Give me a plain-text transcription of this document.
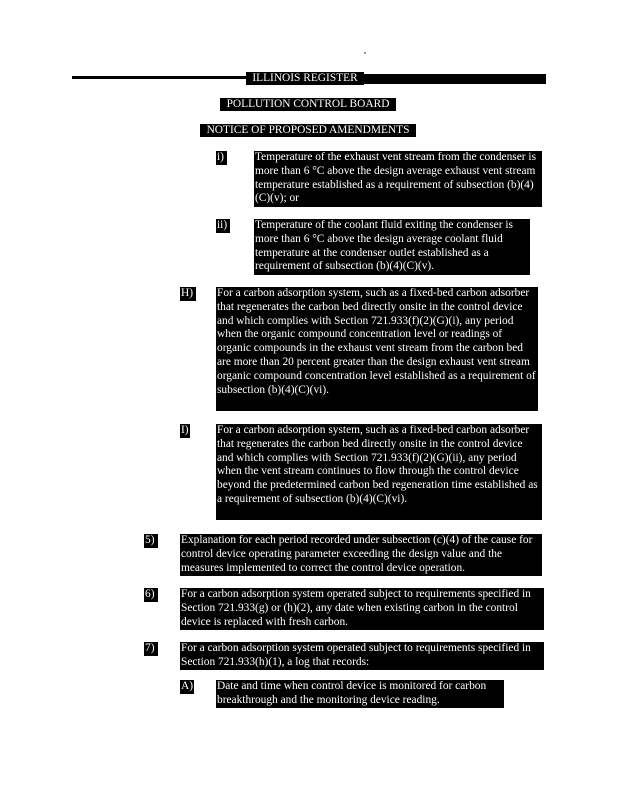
ILLINOIS REGISTER
POLLUTION CONTROL BOARD
NOTICE OF PROPOSED AMENDMENTS
i)	Temperature of the exhaust vent stream from the condenser is more than 6 °C above the design average exhaust vent stream temperature established as a requirement of subsection (b)(4)(C)(v); or
ii) Temperature of the coolant fluid exiting the condenser is more than 6 °C above the design average coolant fluid temperature at the condenser outlet established as a requirement of subsection (b)(4)(C)(v).
H) For a carbon adsorption system, such as a fixed-bed carbon adsorber that regenerates the carbon bed directly onsite in the control device and which complies with Section 721.933(f)(2)(G)(i), any period when the organic compound concentration level or readings of organic compounds in the exhaust vent stream from the carbon bed are more than 20 percent greater than the design exhaust vent stream organic compound concentration level established as a requirement of subsection (b)(4)(C)(vi).
I) For a carbon adsorption system, such as a fixed-bed carbon adsorber that regenerates the carbon bed directly onsite in the control device and which complies with Section 721.933(f)(2)(G)(ii), any period when the vent stream continues to flow through the control device beyond the predetermined carbon bed regeneration time established as a requirement of subsection (b)(4)(C)(vi).
5)	Explanation for each period recorded under subsection (c)(4) of the cause for control device operating parameter exceeding the design value and the measures implemented to correct the control device operation.
6)	For a carbon adsorption system operated subject to requirements specified in Section 721.933(g) or (h)(2), any date when existing carbon in the control device is replaced with fresh carbon.
7)	For a carbon adsorption system operated subject to requirements specified in Section 721.933(h)(1), a log that records:
A) Date and time when control device is monitored for carbon breakthrough and the monitoring device reading.
